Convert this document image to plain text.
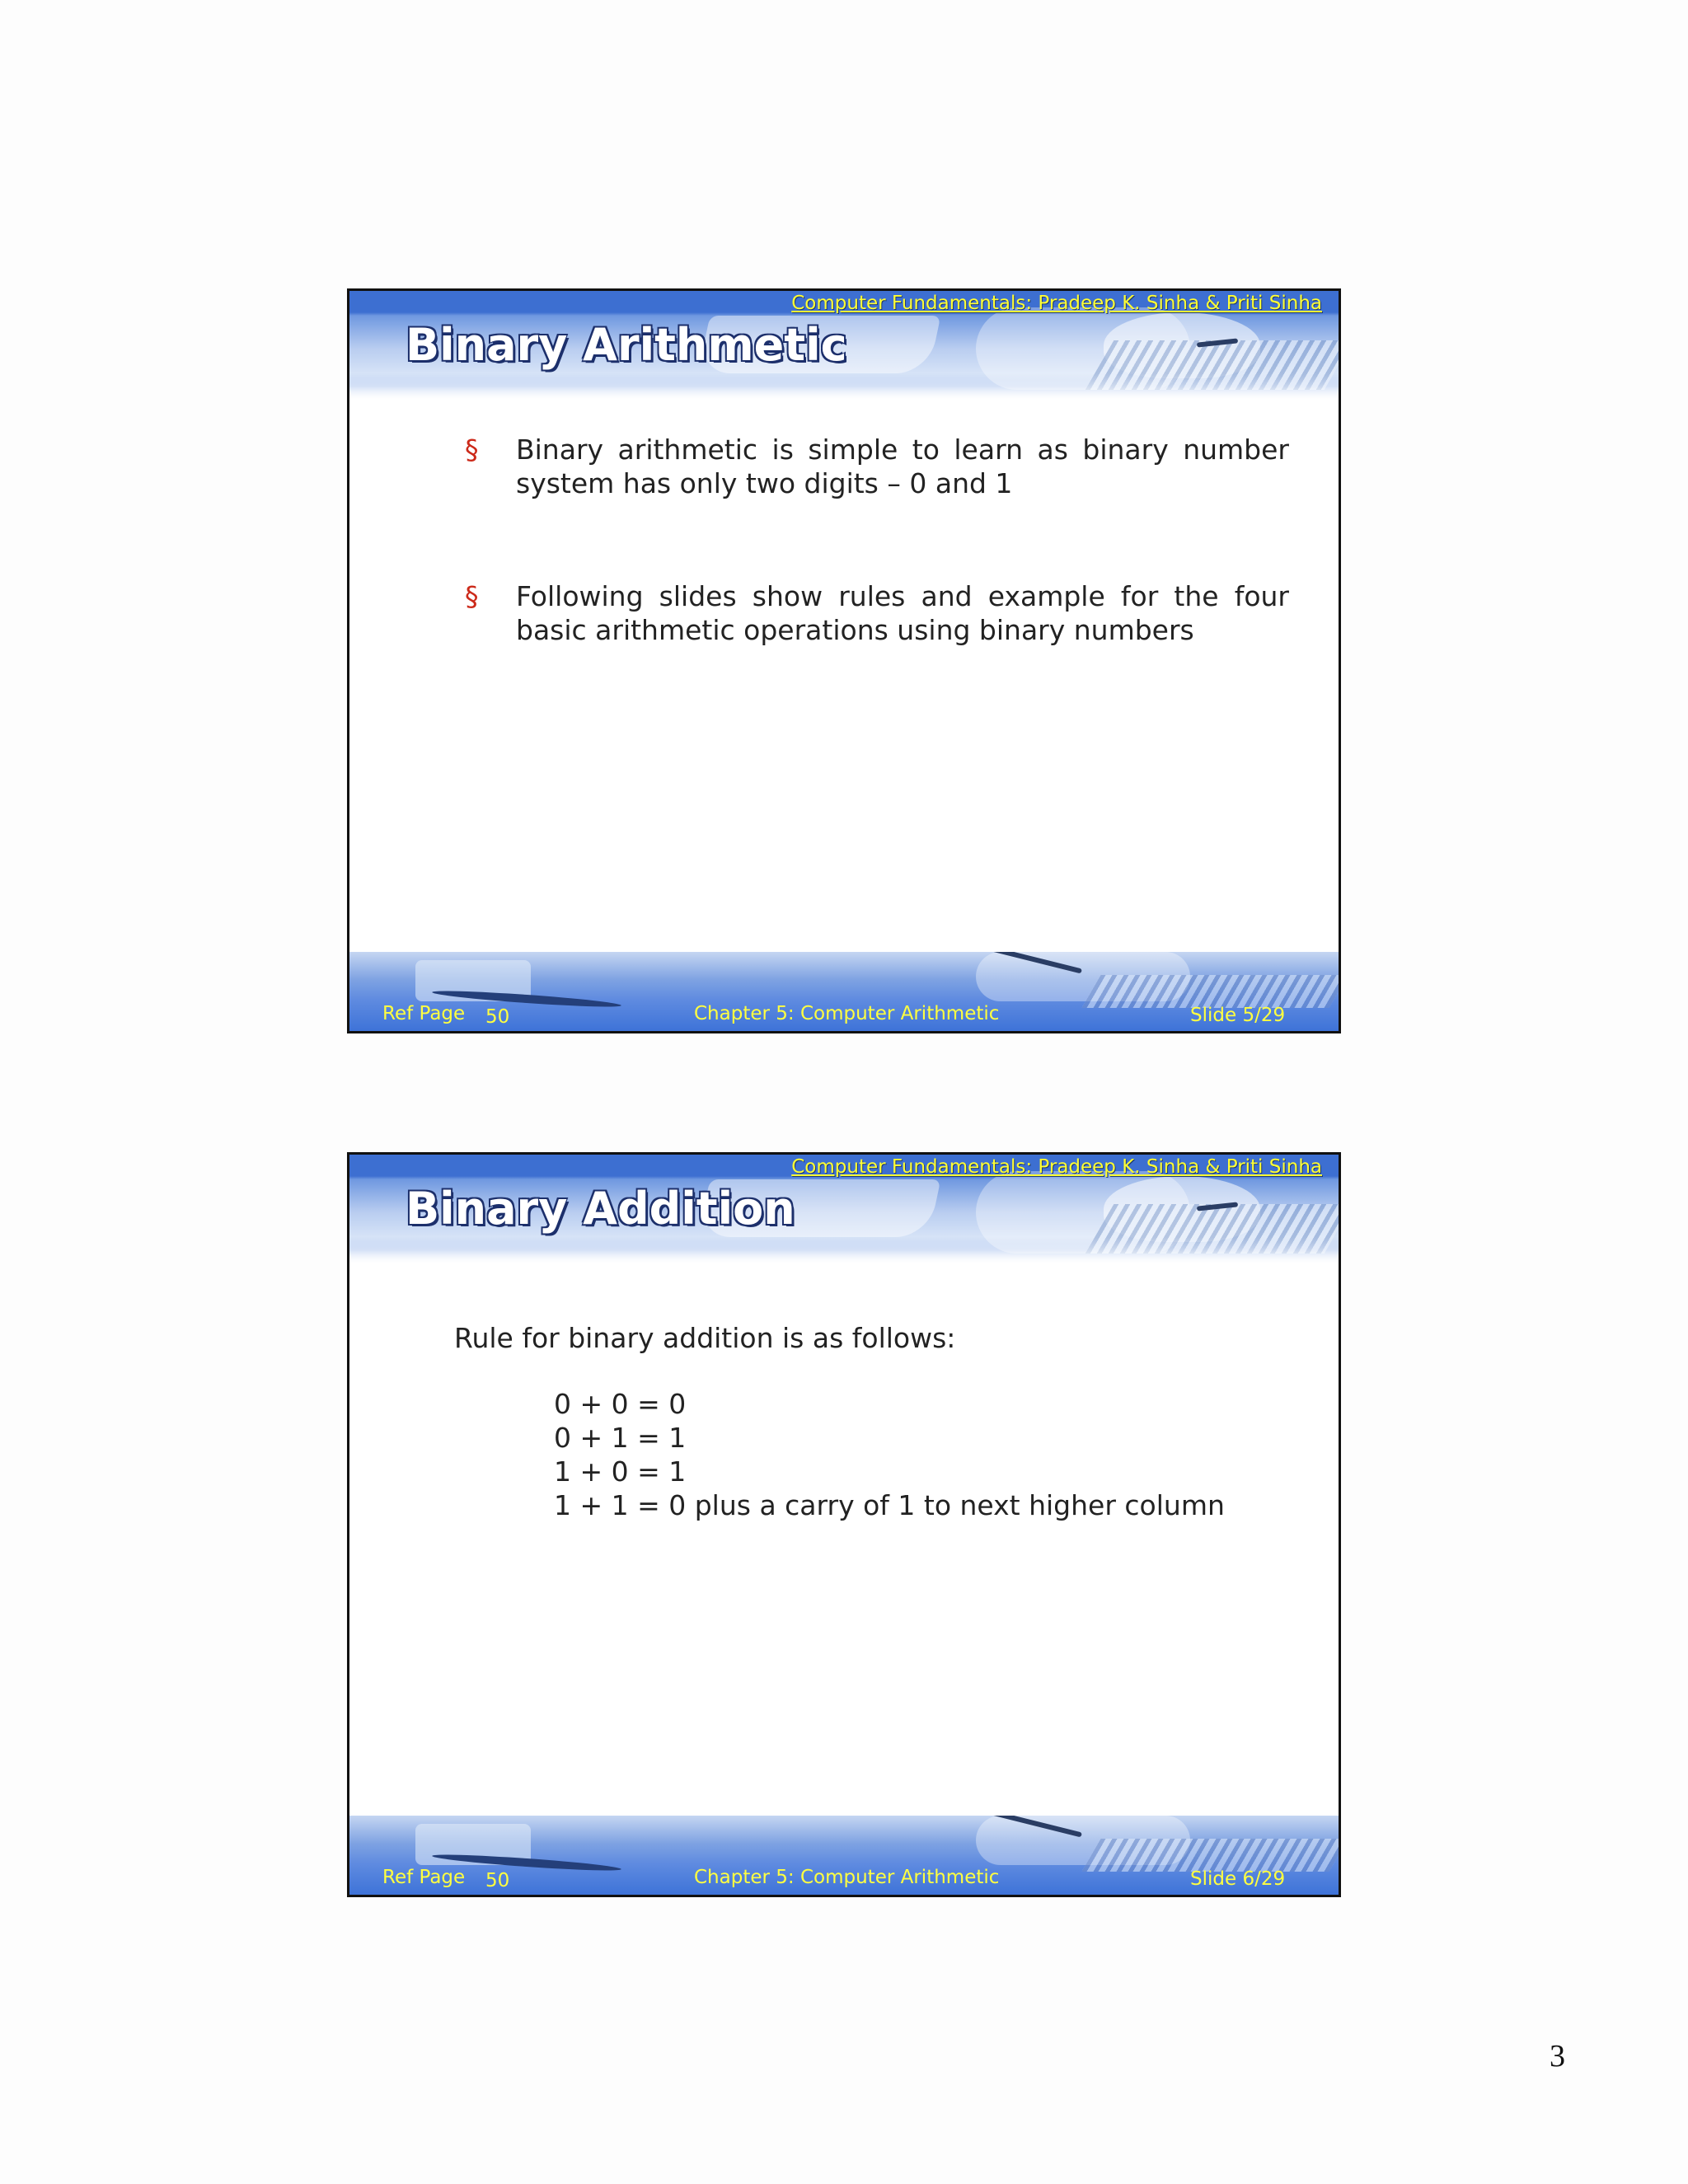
Computer Fundamentals: Pradeep K. Sinha & Priti Sinha

Binary Arithmetic
§ Binary arithmetic is simple to learn as binary number system has only two digits – 0 and 1
§ Following slides show rules and example for the four basic arithmetic operations using binary numbers

Ref Page 50	Chapter 5: Computer Arithmetic	Slide 5/29

Computer Fundamentals: Pradeep K. Sinha & Priti Sinha

Binary Addition

Rule for binary addition is as follows:

0 + 0 = 0
0 + 1 = 1
1 + 0 = 1
1 + 1 = 0 plus a carry of 1 to next higher column

Ref Page 50	Chapter 5: Computer Arithmetic	Slide 6/29

3
